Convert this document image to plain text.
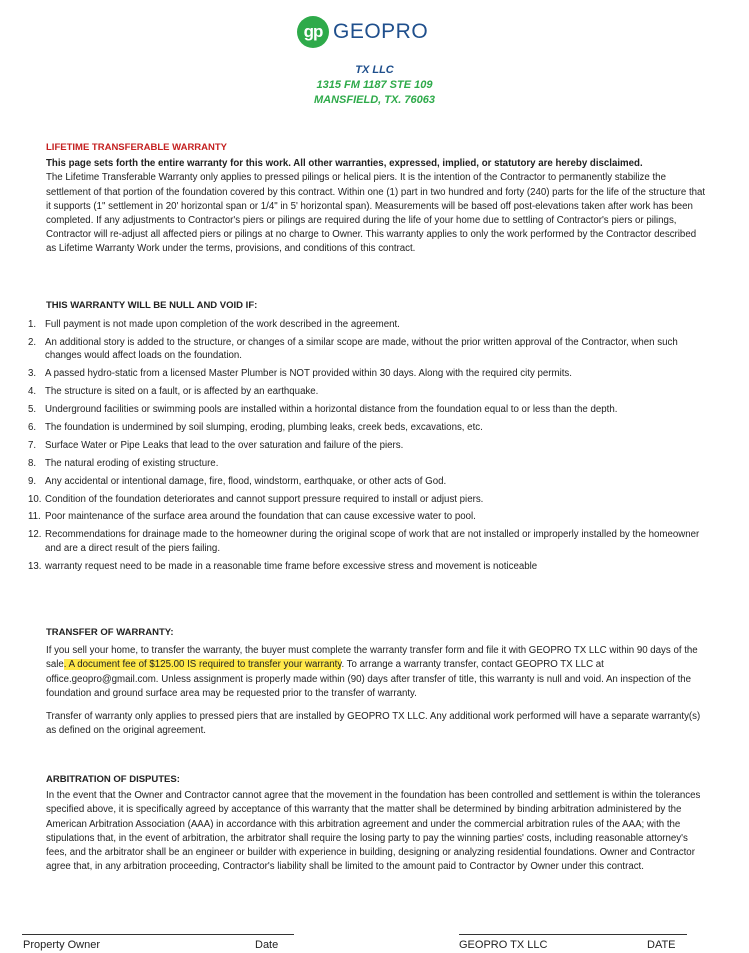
gp GEOPRO
TX LLC
1315 FM 1187 STE 109
MANSFIELD, TX. 76063
LIFETIME TRANSFERABLE WARRANTY
This page sets forth the entire warranty for this work. All other warranties, expressed, implied, or statutory are hereby disclaimed.
The Lifetime Transferable Warranty only applies to pressed pilings or helical piers. It is the intention of the Contractor to permanently stabilize the settlement of that portion of the foundation covered by this contract. Within one (1) part in two hundred and forty (240) parts for the life of the structure that it supports (1" settlement in 20' horizontal span or 1/4" in 5' horizontal span). Measurements will be based off post-elevations taken after work has been completed. If any adjustments to Contractor's piers or pilings are required during the life of your home due to settling of Contractor's piers or pilings, Contractor will re-adjust all affected piers or pilings at no charge to Owner. This warranty applies to only the work performed by the Contractor described as Lifetime Warranty Work under the terms, provisions, and conditions of this contract.
THIS WARRANTY WILL BE NULL AND VOID IF:
1. Full payment is not made upon completion of the work described in the agreement.
2. An additional story is added to the structure, or changes of a similar scope are made, without the prior written approval of the Contractor, when such changes would affect loads on the foundation.
3. A passed hydro-static from a licensed Master Plumber is NOT provided within 30 days. Along with the required city permits.
4. The structure is sited on a fault, or is affected by an earthquake.
5. Underground facilities or swimming pools are installed within a horizontal distance from the foundation equal to or less than the depth.
6. The foundation is undermined by soil slumping, eroding, plumbing leaks, creek beds, excavations, etc.
7. Surface Water or Pipe Leaks that lead to the over saturation and failure of the piers.
8. The natural eroding of existing structure.
9. Any accidental or intentional damage, fire, flood, windstorm, earthquake, or other acts of God.
10. Condition of the foundation deteriorates and cannot support pressure required to install or adjust piers.
11. Poor maintenance of the surface area around the foundation that can cause excessive water to pool.
12. Recommendations for drainage made to the homeowner during the original scope of work that are not installed or improperly installed by the homeowner and are a direct result of the piers failing.
13. warranty request need to be made in a reasonable time frame before excessive stress and movement is noticeable
TRANSFER OF WARRANTY:
If you sell your home, to transfer the warranty, the buyer must complete the warranty transfer form and file it with GEOPRO TX LLC within 90 days of the sale. A document fee of $125.00 IS required to transfer your warranty. To arrange a warranty transfer, contact GEOPRO TX LLC at office.geopro@gmail.com. Unless assignment is properly made within (90) days after transfer of title, this warranty is null and void. An inspection of the foundation and ground surface area may be requested prior to the transfer of warranty.
Transfer of warranty only applies to pressed piers that are installed by GEOPRO TX LLC. Any additional work performed will have a separate warranty(s) as defined on the original agreement.
ARBITRATION OF DISPUTES:
In the event that the Owner and Contractor cannot agree that the movement in the foundation has been controlled and settlement is within the tolerances specified above, it is specifically agreed by acceptance of this warranty that the matter shall be determined by binding arbitration administered by the American Arbitration Association (AAA) in accordance with this arbitration agreement and under the commercial arbitration rules of the AAA; with the stipulations that, in the event of arbitration, the arbitrator shall require the losing party to pay the winning parties' costs, including reasonable attorney's fees, and the arbitrator shall be an engineer or builder with experience in building, designing or analyzing residential foundations. Owner and Contractor agree that, in any arbitration proceeding, Contractor's liability shall be limited to the amount paid to Contractor by Owner under this contract.
Property Owner	Date	GEOPRO TX LLC	DATE
